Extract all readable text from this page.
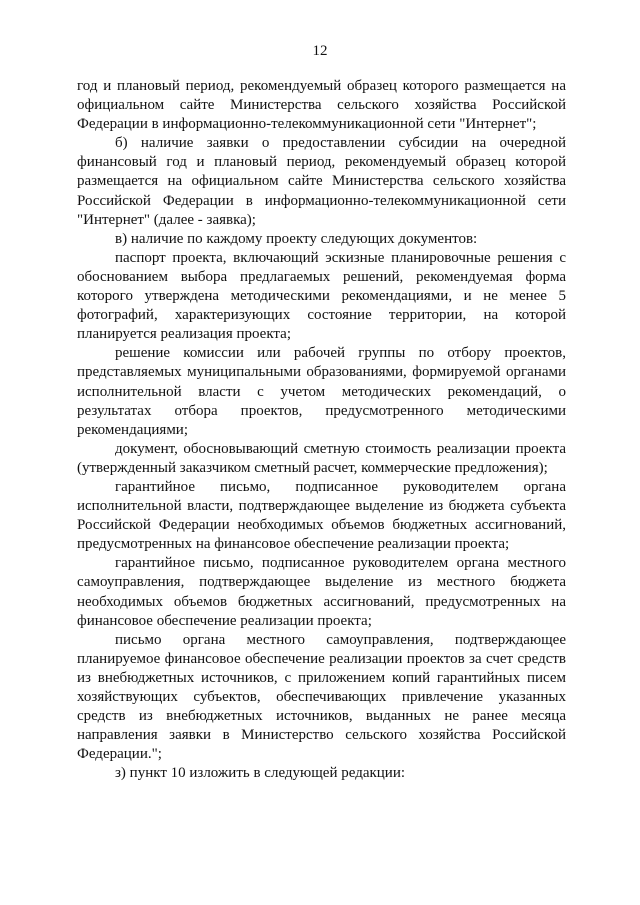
12

год и плановый период, рекомендуемый образец которого размещается на официальном сайте Министерства сельского хозяйства Российской Федерации в информационно-телекоммуникационной сети "Интернет";

б) наличие заявки о предоставлении субсидии на очередной финансовый год и плановый период, рекомендуемый образец которой размещается на официальном сайте Министерства сельского хозяйства Российской Федерации в информационно-телекоммуникационной сети "Интернет" (далее - заявка);

в) наличие по каждому проекту следующих документов:

паспорт проекта, включающий эскизные планировочные решения с обоснованием выбора предлагаемых решений, рекомендуемая форма которого утверждена методическими рекомендациями, и не менее 5 фотографий, характеризующих состояние территории, на которой планируется реализация проекта;

решение комиссии или рабочей группы по отбору проектов, представляемых муниципальными образованиями, формируемой органами исполнительной власти с учетом методических рекомендаций, о результатах отбора проектов, предусмотренного методическими рекомендациями;

документ, обосновывающий сметную стоимость реализации проекта (утвержденный заказчиком сметный расчет, коммерческие предложения);

гарантийное письмо, подписанное руководителем органа исполнительной власти, подтверждающее выделение из бюджета субъекта Российской Федерации необходимых объемов бюджетных ассигнований, предусмотренных на финансовое обеспечение реализации проекта;

гарантийное письмо, подписанное руководителем органа местного самоуправления, подтверждающее выделение из местного бюджета необходимых объемов бюджетных ассигнований, предусмотренных на финансовое обеспечение реализации проекта;

письмо органа местного самоуправления, подтверждающее планируемое финансовое обеспечение реализации проектов за счет средств из внебюджетных источников, с приложением копий гарантийных писем хозяйствующих субъектов, обеспечивающих привлечение указанных средств из внебюджетных источников, выданных не ранее месяца направления заявки в Министерство сельского хозяйства Российской Федерации.";

з) пункт 10 изложить в следующей редакции:
